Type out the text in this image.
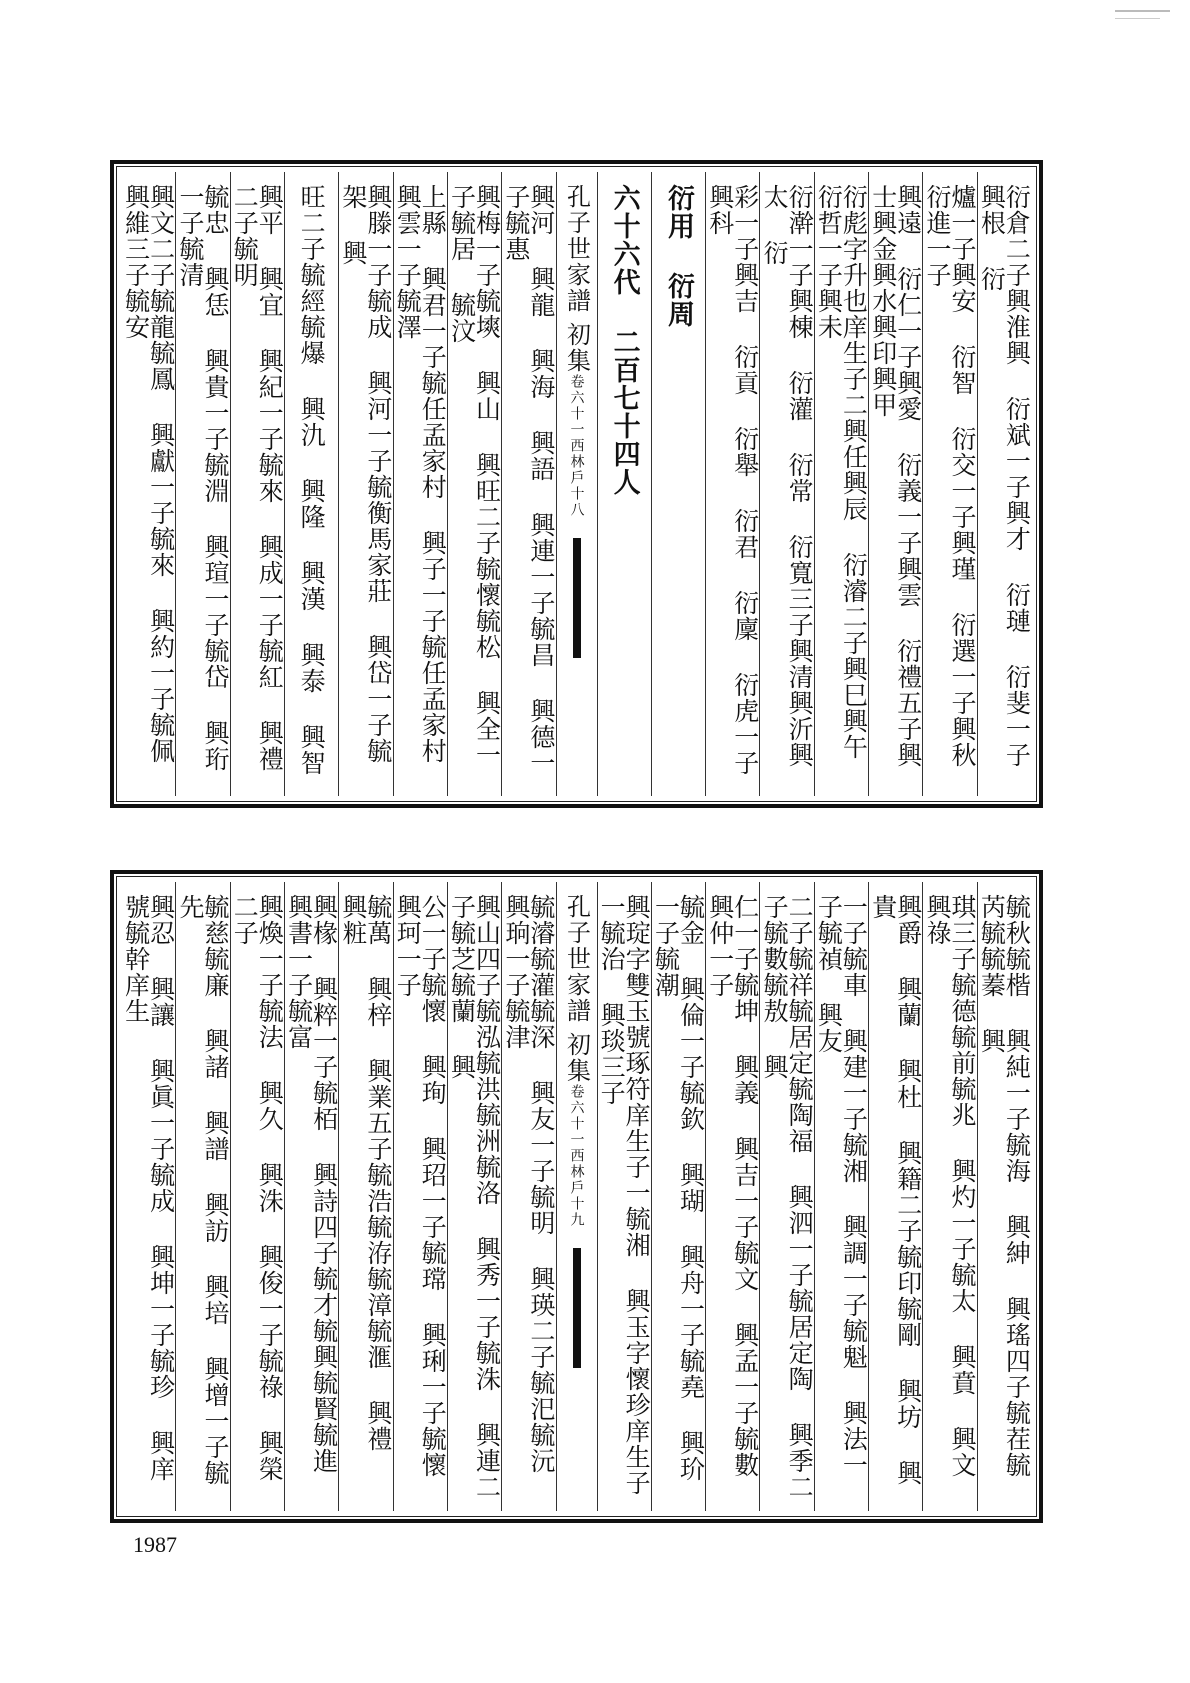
衍倉二子興淮興 衍斌一子興才 衍璉 衍斐一子興根 衍
爐一子興安 衍智 衍交一子興瑾 衍選一子興秋 衍進一子
興遠 衍仁一子興愛 衍義一子興雲 衍禮五子興士興金興水興印興甲
衍彪字升也庠生子二興任興辰 衍濬二子興巳興午 衍哲一子興未
衍澣一子興棟 衍灌 衍常 衍寬三子興清興沂興太 衍
彩一子興吉 衍貢 衍舉 衍君 衍廩 衍虎一子興科
衍用 衍周
六十六代 二百七十四人
孔子世家譜
初集
卷六十一
西林戶
十八
興河 興龍 興海 興語 興連一子毓昌 興德一子毓惠
興梅一子毓塽 興山 興旺二子毓懷毓松 興全一子毓居 毓汶
上縣 興君一子毓任孟家村 興子一子毓任孟家村 興雲一子毓澤
興滕一子毓成 興河一子毓衡馬家莊 興岱一子毓架 興
旺二子毓經毓爆 興氿 興隆 興漢 興泰 興智
興平 興宜 興紀一子毓來 興成一子毓紅 興禮二子毓明
毓忠 興恁 興貴一子毓淵 興瑄一子毓岱 興珩一子毓清
興文二子毓龍毓鳳 興獻一子毓來 興約一子毓佩 興維三子毓安
毓秋毓楷 興純一子毓海 興紳 興瑤四子毓茬毓芮毓毓蓁 興
琪三子毓德毓前毓兆 興灼一子毓太 興賁 興文 興祿
興爵 興蘭 興杜 興籍二子毓印毓剛 興坊 興貴
一子毓車 興建一子毓湘 興調一子毓魁 興法一子毓禎 興友
二子毓祥毓居定毓陶福 興泗一子毓居定陶 興季二子毓數毓敖 興
仁一子毓坤 興義 興吉一子毓文 興孟一子毓數 興仲一子
毓金 興倫一子毓欽 興瑚 興舟一子毓堯 興玠一子毓潮
興琔字雙玉號琢符庠生子一毓湘 興玉字懷珍庠生子一毓治 興琰三子
孔子世家譜
初集
卷六十一
西林戶
十九
毓濬毓灌毓深 興友一子毓明 興瑛二子毓汜毓沅 興珦一子毓津
興山四子毓泓毓洪毓洲毓洛 興秀一子毓洙 興連二子毓芝毓蘭 興
公一子毓懷 興珣 興玿一子毓瑺 興琍一子毓懷 興珂一子
毓萬 興梓 興業五子毓浩毓洊毓漳毓滙 興禮 興粧
興椽 興粹一子毓栢 興詩四子毓才毓興毓賢毓進 興書一子毓富
興煥一子毓法 興久 興洙 興俊一子毓祿 興榮二子
毓慈毓廉 興諸 興譜 興訪 興培 興增一子毓先
興忍 興讓 興眞一子毓成 興坤一子毓珍 興庠號毓幹庠生
1987
